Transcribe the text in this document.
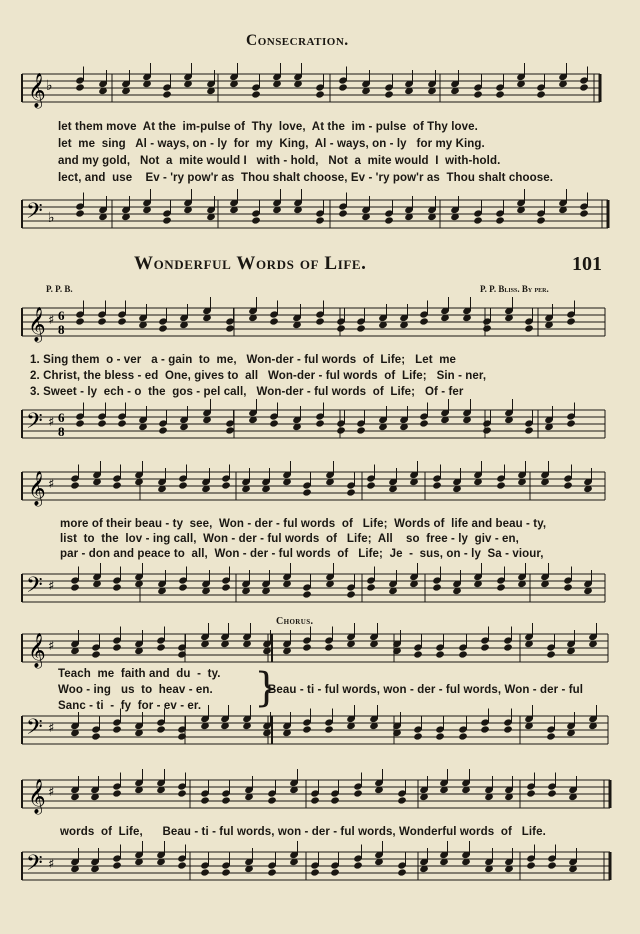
Consecration.
𝄞 ♭
let them move  At the  im-pulse of  Thy  love,  At the  im - pulse  of Thy love.
let  me  sing   Al - ways, on - ly  for  my  King,  Al - ways, on - ly   for my King.
and my gold,   Not  a  mite would I   with - hold,   Not  a  mite would  I  with-hold.
lect, and  use    Ev - 'ry pow'r as  Thou shalt choose, Ev - 'ry pow'r as  Thou shalt choose.
𝄢 ♭
Wonderful Words of Life.	101
P. P. B.	P. P. Bliss. By per.
𝄞 ♯ 6
8
1. Sing them  o - ver   a - gain  to  me,   Won-der - ful words  of  Life;   Let  me
2. Christ, the bless - ed  One, gives to  all   Won-der - ful words  of  Life;   Sin - ner,
3. Sweet - ly  ech - o  the  gos - pel call,   Won-der - ful words  of  Life;   Of - fer
𝄢 ♯ 6
8
𝄞 ♯
more of their beau - ty  see,  Won - der - ful words  of   Life;  Words of  life and beau - ty,
list  to  the  lov - ing call,  Won - der - ful words  of   Life;  All    so  free - ly  giv - en,
par - don and peace to  all,  Won - der - ful words  of   Life;  Je  -  sus, on - ly  Sa - viour,
𝄢 ♯
Chorus.
𝄞 ♯
Teach  me  faith and  du  -  ty.
Woo - ing   us  to  heav - en.
Sanc - ti  -  fy  for - ev - er. }
Beau - ti - ful words, won - der - ful words, Won - der - ful
𝄢 ♯
𝄞 ♯
words  of  Life,      Beau - ti - ful words, won - der - ful words, Wonderful words  of   Life.
𝄢 ♯
